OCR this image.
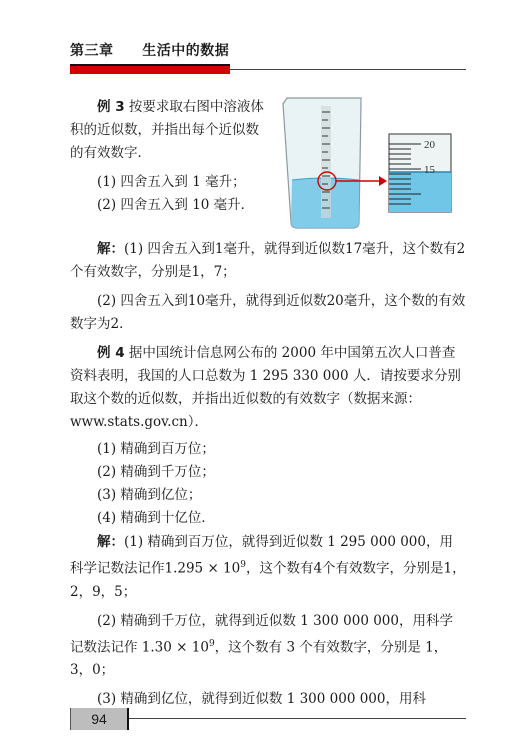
第三章 生活中的数据
例 3 按要求取右图中溶液体积的近似数，并指出每个近似数的有效数字．
(1) 四舍五入到 1 毫升；
(2) 四舍五入到 10 毫升．
20
15
解：(1) 四舍五入到1毫升，就得到近似数17毫升，这个数有2个有效数字，分别是1，7；
(2) 四舍五入到10毫升，就得到近似数20毫升，这个数的有效数字为2．
例 4 据中国统计信息网公布的 2000 年中国第五次人口普查资料表明，我国的人口总数为 1 295 330 000 人．请按要求分别取这个数的近似数，并指出近似数的有效数字（数据来源：www.stats.gov.cn）．
(1) 精确到百万位；
(2) 精确到千万位；
(3) 精确到亿位；
(4) 精确到十亿位．
解：(1) 精确到百万位，就得到近似数 1 295 000 000，用科学记数法记作$1.295 \times 10^9$，这个数有4个有效数字，分别是1，2，9，5；
(2) 精确到千万位，就得到近似数 1 300 000 000，用科学记数法记作 $1.30 \times 10^9$，这个数有 3 个有效数字，分别是 1，3，0；
(3) 精确到亿位，就得到近似数 1 300 000 000，用科
94
